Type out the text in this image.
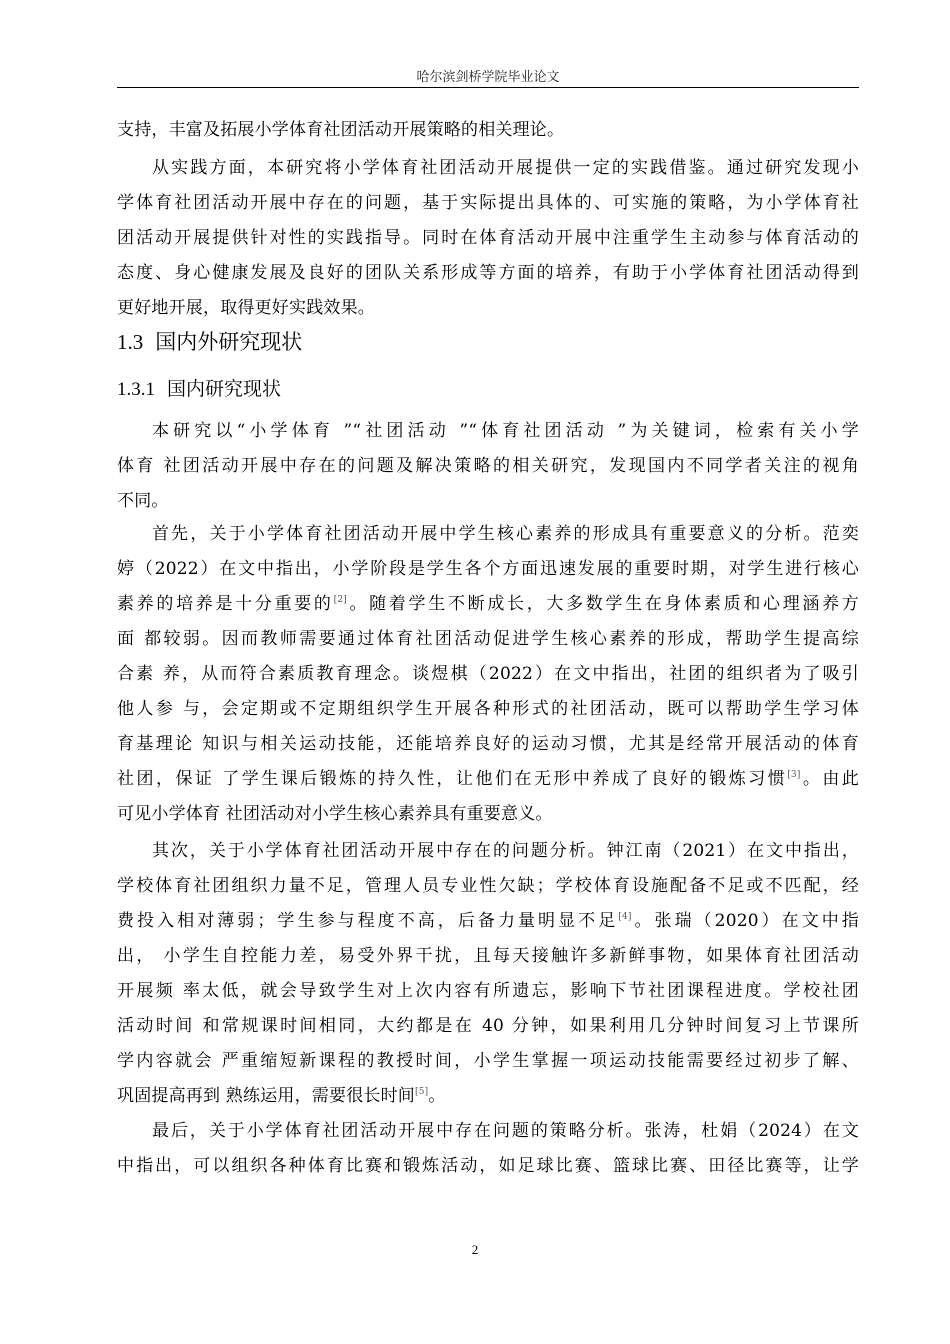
哈尔滨剑桥学院毕业论文
支持，丰富及拓展小学体育社团活动开展策略的相关理论。
从实践方面，本研究将小学体育社团活动开展提供一定的实践借鉴。通过研究发现小
学体育社团活动开展中存在的问题，基于实际提出具体的、可实施的策略，为小学体育社
团活动开展提供针对性的实践指导。同时在体育活动开展中注重学生主动参与体育活动的
态度、身心健康发展及良好的团队关系形成等方面的培养，有助于小学体育社团活动得到
更好地开展，取得更好实践效果。
1.3 国内外研究现状
1.3.1 国内研究现状
本研究以“小学体育 ”“社团活动 ”“体育社团活动 ”为关键词，检索有关小学
体育 社团活动开展中存在的问题及解决策略的相关研究，发现国内不同学者关注的视角
不同。
首先，关于小学体育社团活动开展中学生核心素养的形成具有重要意义的分析。范奕
婷（2022）在文中指出，小学阶段是学生各个方面迅速发展的重要时期，对学生进行核心
素养的培养是十分重要的[2]。随着学生不断成长，大多数学生在身体素质和心理涵养方
面 都较弱。因而教师需要通过体育社团活动促进学生核心素养的形成，帮助学生提高综
合素 养，从而符合素质教育理念。谈煜棋（2022）在文中指出，社团的组织者为了吸引
他人参 与，会定期或不定期组织学生开展各种形式的社团活动，既可以帮助学生学习体
育基理论 知识与相关运动技能，还能培养良好的运动习惯，尤其是经常开展活动的体育
社团，保证 了学生课后锻炼的持久性，让他们在无形中养成了良好的锻炼习惯[3]。由此
可见小学体育 社团活动对小学生核心素养具有重要意义。
其次，关于小学体育社团活动开展中存在的问题分析。钟江南（2021）在文中指出，
学校体育社团组织力量不足，管理人员专业性欠缺；学校体育设施配备不足或不匹配，经
费投入相对薄弱；学生参与程度不高，后备力量明显不足[4]。张瑞（2020）在文中指
出， 小学生自控能力差，易受外界干扰，且每天接触许多新鲜事物，如果体育社团活动
开展频 率太低，就会导致学生对上次内容有所遗忘，影响下节社团课程进度。学校社团
活动时间 和常规课时间相同，大约都是在 40 分钟，如果利用几分钟时间复习上节课所
学内容就会 严重缩短新课程的教授时间，小学生掌握一项运动技能需要经过初步了解、
巩固提高再到 熟练运用，需要很长时间[5]。
最后，关于小学体育社团活动开展中存在问题的策略分析。张涛，杜娟（2024）在文
中指出，可以组织各种体育比赛和锻炼活动，如足球比赛、篮球比赛、田径比赛等，让学
2
